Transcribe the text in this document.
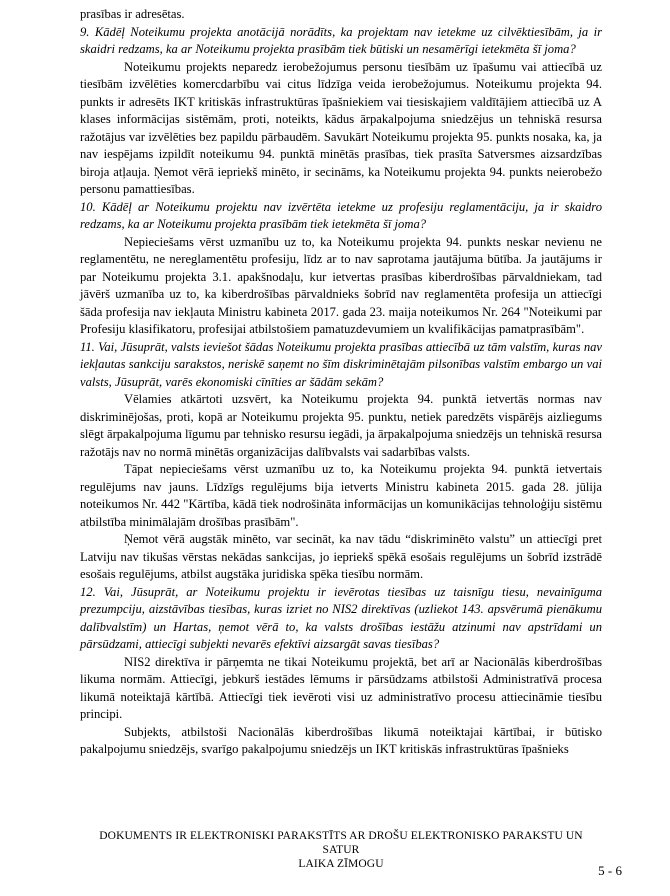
prasības ir adresētas.

9. Kādēļ Noteikumu projekta anotācijā norādīts, ka projektam nav ietekme uz cilvēktiesībām, ja ir skaidri redzams, ka ar Noteikumu projekta prasībām tiek būtiski un nesamērīgi ietekmēta šī joma?

Noteikumu projekts neparedz ierobežojumus personu tiesībām uz īpašumu vai attiecībā uz tiesībām izvēlēties komercdarbību vai citus līdzīga veida ierobežojumus. Noteikumu projekta 94. punkts ir adresēts IKT kritiskās infrastruktūras īpašniekiem vai tiesiskajiem valdītājiem attiecībā uz A klases informācijas sistēmām, proti, noteikts, kādus ārpakalpojuma sniedzējus un tehniskā resursa ražotājus var izvēlēties bez papildu pārbaudēm. Savukārt Noteikumu projekta 95. punkts nosaka, ka, ja nav iespējams izpildīt noteikumu 94. punktā minētās prasības, tiek prasīta Satversmes aizsardzības biroja atļauja. Ņemot vērā iepriekš minēto, ir secināms, ka Noteikumu projekta 94. punkts neierobežo personu pamattiesības.

10. Kādēļ ar Noteikumu projektu nav izvērtēta ietekme uz profesiju reglamentāciju, ja ir skaidro redzams, ka ar Noteikumu projekta prasībām tiek ietekmēta šī joma?

Nepieciešams vērst uzmanību uz to, ka Noteikumu projekta 94. punkts neskar nevienu ne reglamentētu, ne nereglamentētu profesiju, līdz ar to nav saprotama jautājuma būtība. Ja jautājums ir par Noteikumu projekta 3.1. apakšnodaļu, kur ietvertas prasības kiberdrošības pārvaldniekam, tad jāvērš uzmanība uz to, ka kiberdrošības pārvaldnieks šobrīd nav reglamentēta profesija un attiecīgi šāda profesija nav iekļauta Ministru kabineta 2017. gada 23. maija noteikumos Nr. 264 "Noteikumi par Profesiju klasifikatoru, profesijai atbilstošiem pamatuzdevumiem un kvalifikācijas pamatprasībām".

11. Vai, Jūsuprāt, valsts ieviešot šādas Noteikumu projekta prasības attiecībā uz tām valstīm, kuras nav iekļautas sankciju sarakstos, neriskē saņemt no šīm diskriminētajām pilsonības valstīm embargo un vai valsts, Jūsuprāt, varēs ekonomiski cīnīties ar šādām sekām?

Vēlamies atkārtoti uzsvērt, ka Noteikumu projekta 94. punktā ietvertās normas nav diskriminējošas, proti, kopā ar Noteikumu projekta 95. punktu, netiek paredzēts vispārējs aizliegums slēgt ārpakalpojuma līgumu par tehnisko resursu iegādi, ja ārpakalpojuma sniedzējs un tehniskā resursa ražotājs nav no normā minētās organizācijas dalībvalsts vai sadarbības valsts.

Tāpat nepieciešams vērst uzmanību uz to, ka Noteikumu projekta 94. punktā ietvertais regulējums nav jauns. Līdzīgs regulējums bija ietverts Ministru kabineta 2015. gada 28. jūlija noteikumos Nr. 442 "Kārtība, kādā tiek nodrošināta informācijas un komunikācijas tehnoloģiju sistēmu atbilstība minimālajām drošības prasībām".

Ņemot vērā augstāk minēto, var secināt, ka nav tādu “diskriminēto valstu” un attiecīgi pret Latviju nav tikušas vērstas nekādas sankcijas, jo iepriekš spēkā esošais regulējums un šobrīd izstrādē esošais regulējums, atbilst augstāka juridiska spēka tiesību normām.

12. Vai, Jūsuprāt, ar Noteikumu projektu ir ievērotas tiesības uz taisnīgu tiesu, nevainīguma prezumpciju, aizstāvības tiesības, kuras izriet no NIS2 direktīvas (uzliekot 143. apsvērumā pienākumu dalībvalstīm) un Hartas, ņemot vērā to, ka valsts drošības iestāžu atzinumi nav apstrīdami un pārsūdzami, attiecīgi subjekti nevarēs efektīvi aizsargāt savas tiesības?

NIS2 direktīva ir pārņemta ne tikai Noteikumu projektā, bet arī ar Nacionālās kiberdrošības likuma normām. Attiecīgi, jebkurš iestādes lēmums ir pārsūdzams atbilstoši Administratīvā procesa likumā noteiktajā kārtībā. Attiecīgi tiek ievēroti visi uz administratīvo procesu attiecināmie tiesību principi.

Subjekts, atbilstoši Nacionālās kiberdrošības likumā noteiktajai kārtībai, ir būtisko pakalpojumu sniedzējs, svarīgo pakalpojumu sniedzējs un IKT kritiskās infrastruktūras īpašnieks

DOKUMENTS IR ELEKTRONISKI PARAKSTĪTS AR DROŠU ELEKTRONISKO PARAKSTU UN SATUR
LAIKA ZĪMOGU	5 - 6
